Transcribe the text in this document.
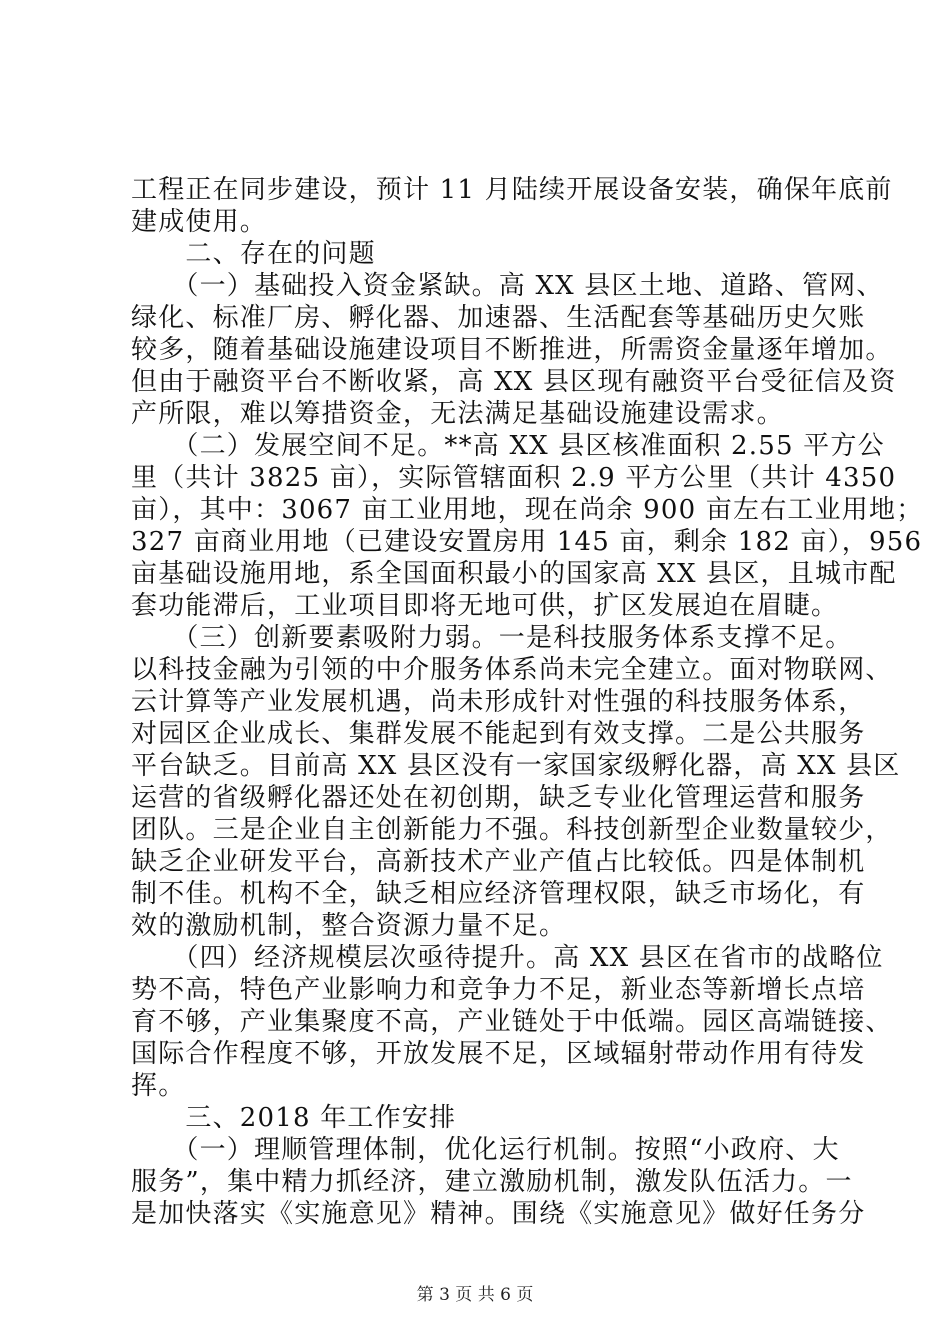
工程正在同步建设，预计 11 月陆续开展设备安装，确保年底前
建成使用。
　　二、存在的问题
　　（一）基础投入资金紧缺。高 XX 县区土地、道路、管网、
绿化、标准厂房、孵化器、加速器、生活配套等基础历史欠账
较多，随着基础设施建设项目不断推进，所需资金量逐年增加。
但由于融资平台不断收紧，高 XX 县区现有融资平台受征信及资
产所限，难以筹措资金，无法满足基础设施建设需求。
　　（二）发展空间不足。**高 XX 县区核准面积 2.55 平方公
里（共计 3825 亩），实际管辖面积 2.9 平方公里（共计 4350
亩），其中：3067 亩工业用地，现在尚余 900 亩左右工业用地；
327 亩商业用地（已建设安置房用 145 亩，剩余 182 亩），956
亩基础设施用地，系全国面积最小的国家高 XX 县区，且城市配
套功能滞后，工业项目即将无地可供，扩区发展迫在眉睫。
　　（三）创新要素吸附力弱。一是科技服务体系支撑不足。
以科技金融为引领的中介服务体系尚未完全建立。面对物联网、
云计算等产业发展机遇，尚未形成针对性强的科技服务体系，
对园区企业成长、集群发展不能起到有效支撑。二是公共服务
平台缺乏。目前高 XX 县区没有一家国家级孵化器，高 XX 县区
运营的省级孵化器还处在初创期，缺乏专业化管理运营和服务
团队。三是企业自主创新能力不强。科技创新型企业数量较少，
缺乏企业研发平台，高新技术产业产值占比较低。四是体制机
制不佳。机构不全，缺乏相应经济管理权限，缺乏市场化，有
效的激励机制，整合资源力量不足。
　　（四）经济规模层次亟待提升。高 XX 县区在省市的战略位
势不高，特色产业影响力和竞争力不足，新业态等新增长点培
育不够，产业集聚度不高，产业链处于中低端。园区高端链接、
国际合作程度不够，开放发展不足，区域辐射带动作用有待发
挥。
　　三、2018 年工作安排
　　（一）理顺管理体制，优化运行机制。按照“小政府、大
服务”，集中精力抓经济，建立激励机制，激发队伍活力。一
是加快落实《实施意见》精神。围绕《实施意见》做好任务分
第 3 页 共 6 页
